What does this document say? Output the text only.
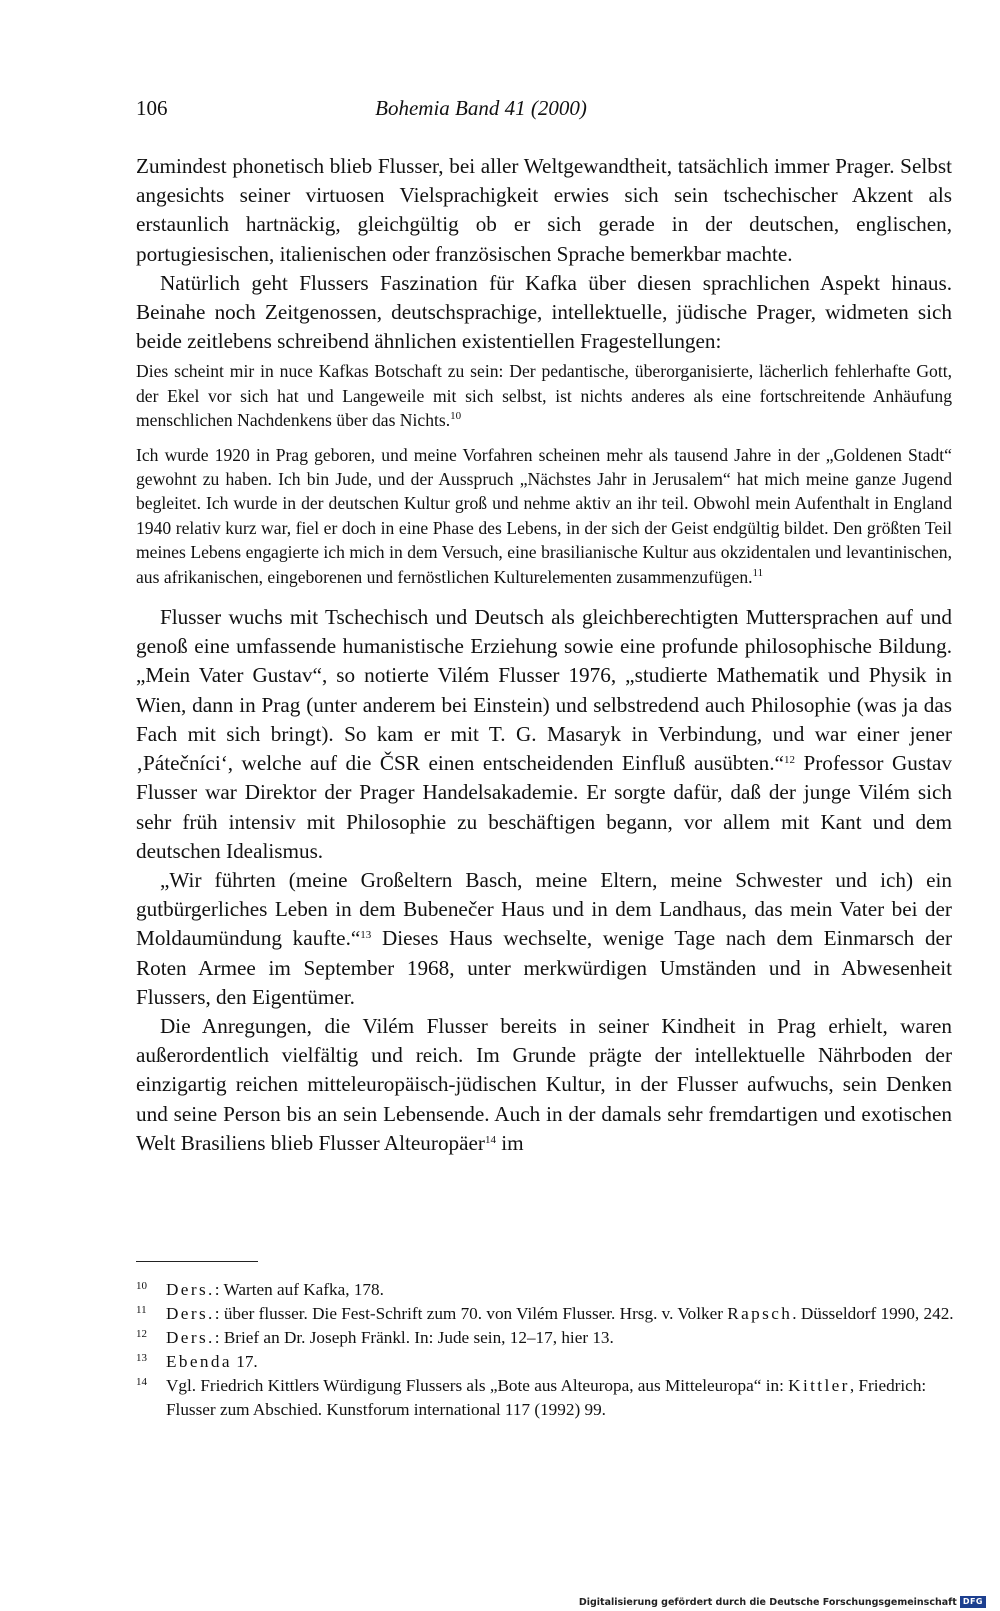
106	Bohemia Band 41 (2000)

Zumindest phonetisch blieb Flusser, bei aller Weltgewandtheit, tatsächlich immer Prager. Selbst angesichts seiner virtuosen Vielsprachigkeit erwies sich sein tschechischer Akzent als erstaunlich hartnäckig, gleichgültig ob er sich gerade in der deutschen, englischen, portugiesischen, italienischen oder französischen Sprache bemerkbar machte.

Natürlich geht Flussers Faszination für Kafka über diesen sprachlichen Aspekt hinaus. Beinahe noch Zeitgenossen, deutschsprachige, intellektuelle, jüdische Prager, widmeten sich beide zeitlebens schreibend ähnlichen existentiellen Fragestellungen:

Dies scheint mir in nuce Kafkas Botschaft zu sein: Der pedantische, überorganisierte, lächerlich fehlerhafte Gott, der Ekel vor sich hat und Langeweile mit sich selbst, ist nichts anderes als eine fortschreitende Anhäufung menschlichen Nachdenkens über das Nichts.$^{10}$

Ich wurde 1920 in Prag geboren, und meine Vorfahren scheinen mehr als tausend Jahre in der „Goldenen Stadt“ gewohnt zu haben. Ich bin Jude, und der Ausspruch „Nächstes Jahr in Jerusalem“ hat mich meine ganze Jugend begleitet. Ich wurde in der deutschen Kultur groß und nehme aktiv an ihr teil. Obwohl mein Aufenthalt in England 1940 relativ kurz war, fiel er doch in eine Phase des Lebens, in der sich der Geist endgültig bildet. Den größten Teil meines Lebens engagierte ich mich in dem Versuch, eine brasilianische Kultur aus okzidentalen und levantinischen, aus afrikanischen, eingeborenen und fernöstlichen Kulturelementen zusammenzufügen.$^{11}$

Flusser wuchs mit Tschechisch und Deutsch als gleichberechtigten Muttersprachen auf und genoß eine umfassende humanistische Erziehung sowie eine profunde philosophische Bildung. „Mein Vater Gustav“, so notierte Vilém Flusser 1976, „studierte Mathematik und Physik in Wien, dann in Prag (unter anderem bei Einstein) und selbstredend auch Philosophie (was ja das Fach mit sich bringt). So kam er mit T. G. Masaryk in Verbindung, und war einer jener ‚Pátečníci‘, welche auf die ČSR einen entscheidenden Einfluß ausübten.“$^{12}$ Professor Gustav Flusser war Direktor der Prager Handelsakademie. Er sorgte dafür, daß der junge Vilém sich sehr früh intensiv mit Philosophie zu beschäftigen begann, vor allem mit Kant und dem deutschen Idealismus.

„Wir führten (meine Großeltern Basch, meine Eltern, meine Schwester und ich) ein gutbürgerliches Leben in dem Bubenečer Haus und in dem Landhaus, das mein Vater bei der Moldaumündung kaufte.“$^{13}$ Dieses Haus wechselte, wenige Tage nach dem Einmarsch der Roten Armee im September 1968, unter merkwürdigen Umständen und in Abwesenheit Flussers, den Eigentümer.

Die Anregungen, die Vilém Flusser bereits in seiner Kindheit in Prag erhielt, waren außerordentlich vielfältig und reich. Im Grunde prägte der intellektuelle Nährboden der einzigartig reichen mitteleuropäisch-jüdischen Kultur, in der Flusser aufwuchs, sein Denken und seine Person bis an sein Lebensende. Auch in der damals sehr fremdartigen und exotischen Welt Brasiliens blieb Flusser Alteuropäer$^{14}$ im

10 Ders.: Warten auf Kafka, 178.
11 Ders.: über flusser. Die Fest-Schrift zum 70. von Vilém Flusser. Hrsg. v. Volker Rapsch. Düsseldorf 1990, 242.
12 Ders.: Brief an Dr. Joseph Fränkl. In: Jude sein, 12–17, hier 13.
13 Ebenda 17.
14 Vgl. Friedrich Kittlers Würdigung Flussers als „Bote aus Alteuropa, aus Mitteleuropa“ in: Kittler, Friedrich: Flusser zum Abschied. Kunstforum international 117 (1992) 99.
Digitalisierung gefördert durch die Deutsche Forschungsgemeinschaft DFG
